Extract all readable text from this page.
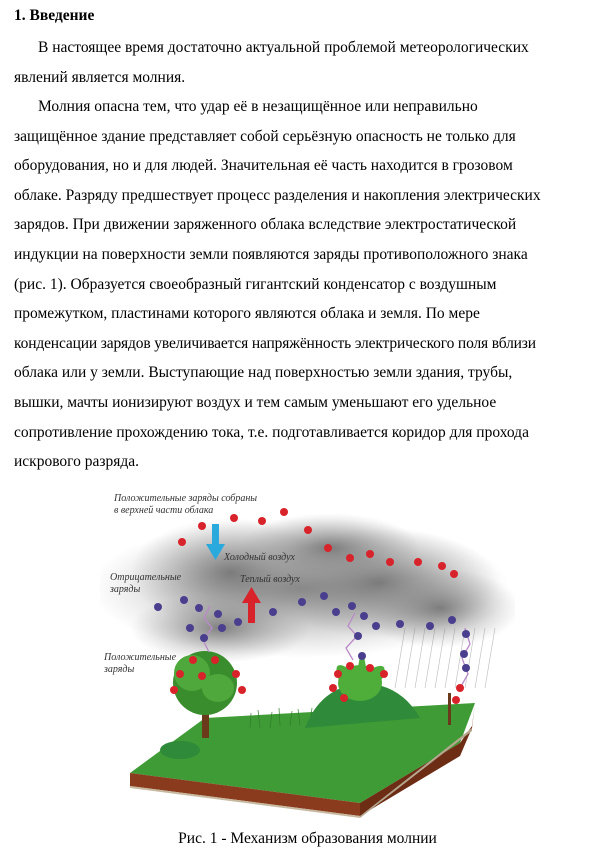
1. Введение
В настоящее время достаточно актуальной проблемой метеорологических
явлений является молния.
Молния опасна тем, что удар её в незащищённое или неправильно
защищённое здание представляет собой серьёзную опасность не только для
оборудования, но и для людей. Значительная её часть находится в грозовом
облаке. Разряду предшествует процесс разделения и накопления электрических
зарядов. При движении заряженного облака вследствие электростатической
индукции на поверхности земли появляются заряды противоположного знака
(рис. 1). Образуется своеобразный гигантский конденсатор с воздушным
промежутком, пластинами которого являются облака и земля. По мере
конденсации зарядов увеличивается напряжённость электрического поля вблизи
облака или у земли. Выступающие над поверхностью земли здания, трубы,
вышки, мачты ионизируют воздух и тем самым уменьшают его удельное
сопротивление прохождению тока, т.е. подготавливается коридор для прохода
искрового разряда.
Положительные заряды собраны
в верхней части облака
Холодный воздух
Теплый воздух
Отрицательные
заряды
Положительные
заряды
Рис. 1 - Механизм образования молнии
